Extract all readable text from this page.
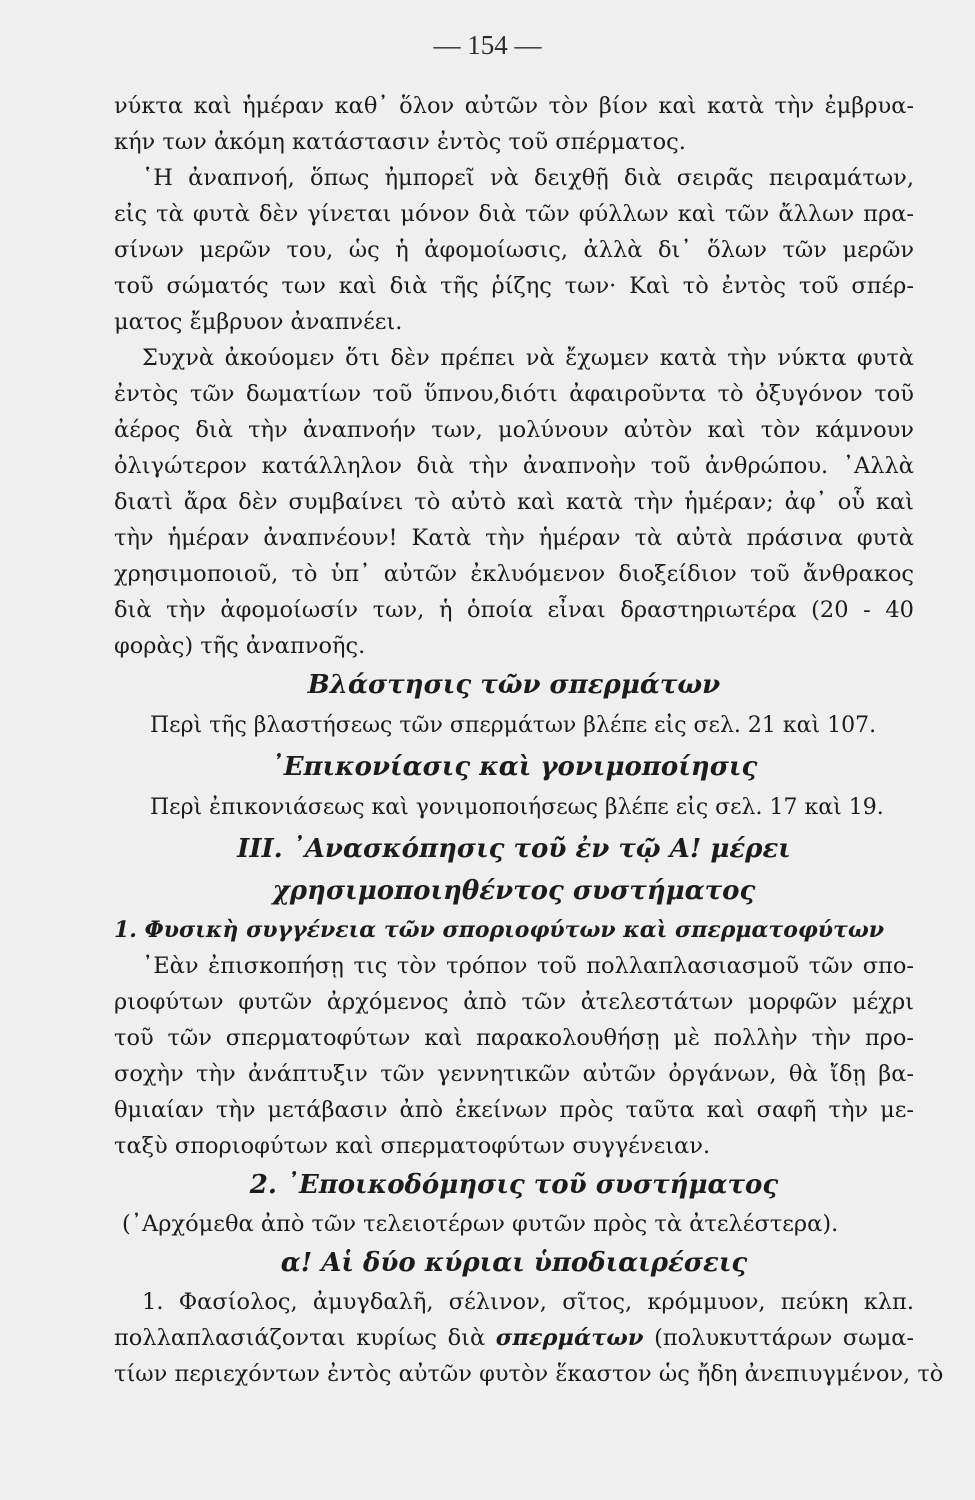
— 154 —
νύκτα καὶ ἡμέραν καθ᾽ ὅλον αὐτῶν τὸν βίον καὶ κατὰ τὴν ἐμβρυα-
κήν των ἀκόμη κατάστασιν ἐντὸς τοῦ σπέρματος.
῾Η ἀναπνοή, ὅπως ἠμπορεῖ νὰ δειχθῇ διὰ σειρᾶς πειραμάτων,
εἰς τὰ φυτὰ δὲν γίνεται μόνον διὰ τῶν φύλλων καὶ τῶν ἄλλων πρα-
σίνων μερῶν του, ὡς ἡ ἀφομοίωσις, ἀλλὰ δι᾽ ὅλων τῶν μερῶν
τοῦ σώματός των καὶ διὰ τῆς ῥίζης των· Καὶ τὸ ἐντὸς τοῦ σπέρ-
ματος ἔμβρυον ἀναπνέει.
Συχνὰ ἀκούομεν ὅτι δὲν πρέπει νὰ ἔχωμεν κατὰ τὴν νύκτα φυτὰ
ἐντὸς τῶν δωματίων τοῦ ὕπνου,διότι ἀφαιροῦντα τὸ ὀξυγόνον τοῦ
ἀέρος διὰ τὴν ἀναπνοήν των, μολύνουν αὐτὸν καὶ τὸν κάμνουν
ὀλιγώτερον κατάλληλον διὰ τὴν ἀναπνοὴν τοῦ ἀνθρώπου. ᾽Αλλὰ
διατὶ ἄρα δὲν συμβαίνει τὸ αὐτὸ καὶ κατὰ τὴν ἡμέραν; ἀφ᾽ οὗ καὶ
τὴν ἡμέραν ἀναπνέουν! Κατὰ τὴν ἡμέραν τὰ αὐτὰ πράσινα φυτὰ
χρησιμοποιοῦ, τὸ ὑπ᾽ αὐτῶν ἐκλυόμενον διοξείδιον τοῦ ἄνθρακος
διὰ τὴν ἀφομοίωσίν των, ἡ ὁποία εἶναι δραστηριωτέρα (20 - 40
φορὰς) τῆς ἀναπνοῆς.
Βλάστησις τῶν σπερμάτων
Περὶ τῆς βλαστήσεως τῶν σπερμάτων βλέπε εἰς σελ. 21 καὶ 107.
᾽Επικονίασις καὶ γονιμοποίησις
Περὶ ἐπικονιάσεως καὶ γονιμοποιήσεως βλέπε εἰς σελ. 17 καὶ 19.
ΙΙΙ. ᾽Ανασκόπησις τοῦ ἐν τῷ Α! μέρει
χρησιμοποιηθέντος συστήματος
1. Φυσικὴ συγγένεια τῶν σποριοφύτων καὶ σπερματοφύτων
᾽Εὰν ἐπισκοπήσῃ τις τὸν τρόπον τοῦ πολλαπλασιασμοῦ τῶν σπο-
ριοφύτων φυτῶν ἀρχόμενος ἀπὸ τῶν ἀτελεστάτων μορφῶν μέχρι
τοῦ τῶν σπερματοφύτων καὶ παρακολουθήσῃ μὲ πολλὴν τὴν προ-
σοχὴν τὴν ἀνάπτυξιν τῶν γεννητικῶν αὐτῶν ὀργάνων, θὰ ἴδῃ βα-
θμιαίαν τὴν μετάβασιν ἀπὸ ἐκείνων πρὸς ταῦτα καὶ σαφῆ τὴν με-
ταξὺ σποριοφύτων καὶ σπερματοφύτων συγγένειαν.
2. ᾽Εποικοδόμησις τοῦ συστήματος
(᾽Αρχόμεθα ἀπὸ τῶν τελειοτέρων φυτῶν πρὸς τὰ ἀτελέστερα).
α! Αἱ δύο κύριαι ὑποδιαιρέσεις
1. Φασίολος, ἀμυγδαλῆ, σέλινον, σῖτος, κρόμμυον, πεύκη κλπ.
πολλαπλασιάζονται κυρίως διὰ σπερμάτων (πολυκυττάρων σωμα-
τίων περιεχόντων ἐντὸς αὐτῶν φυτὸν ἕκαστον ὡς ἤδη ἀνεπιυγμένον, τὸ
